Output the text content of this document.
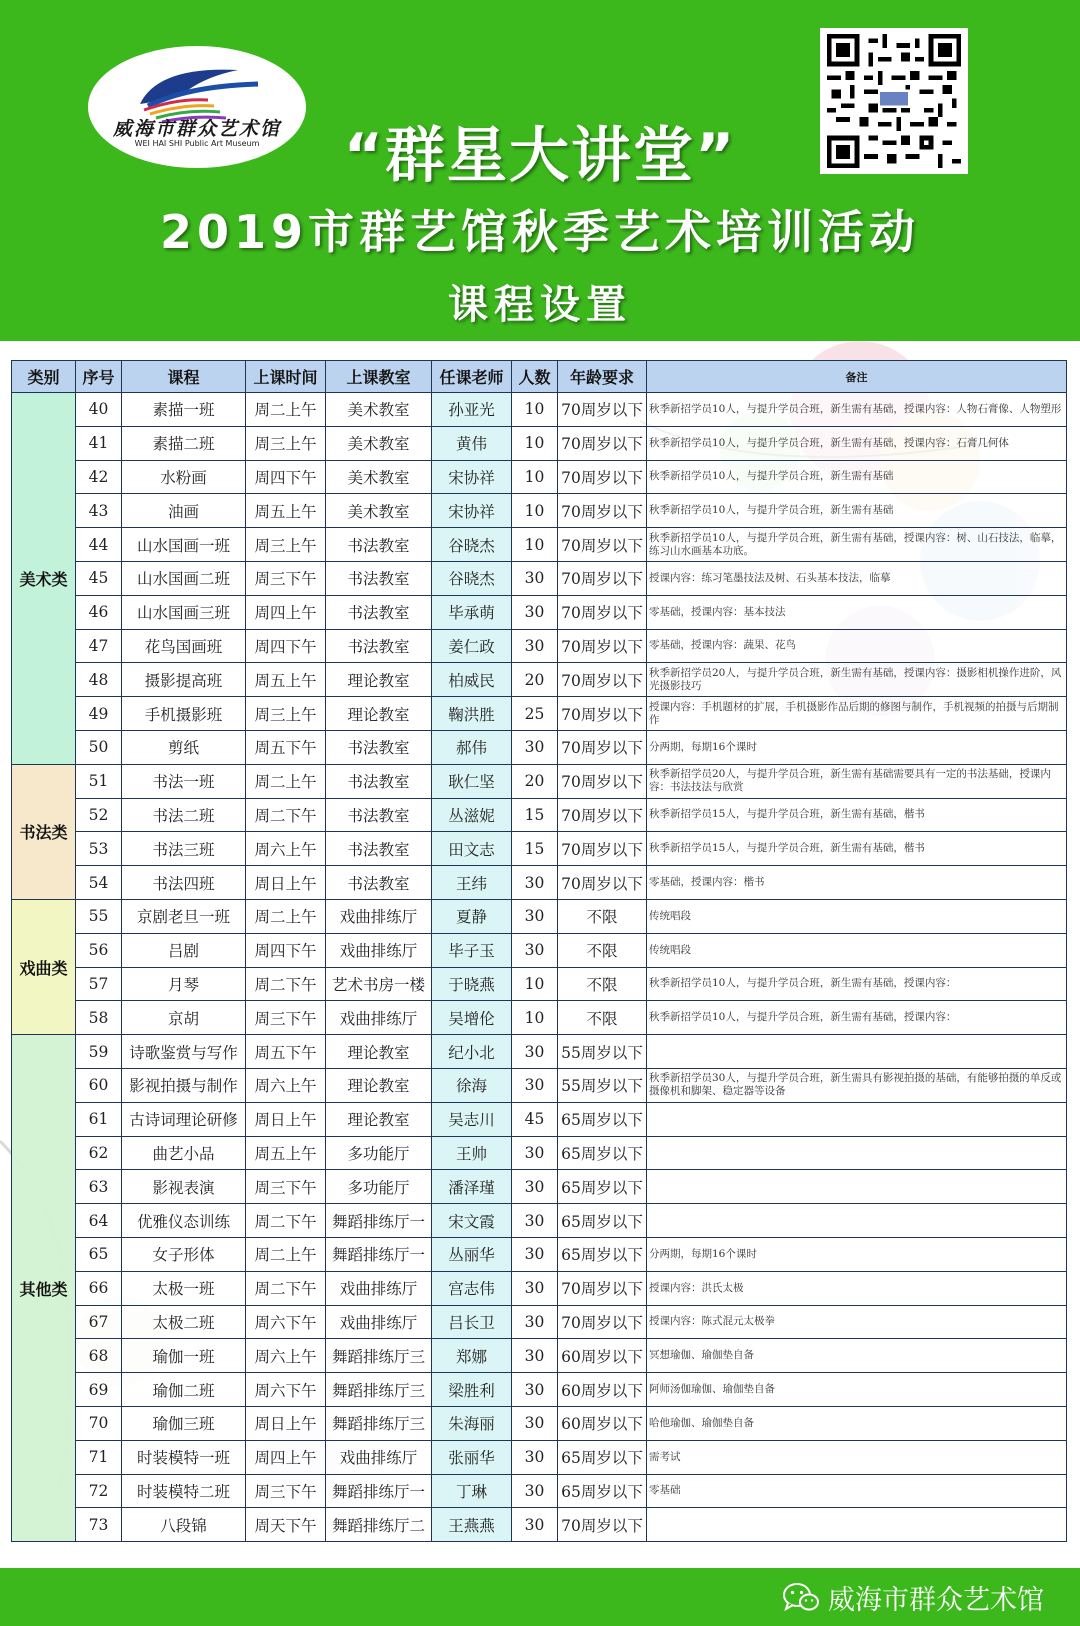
威海市群众艺术馆
WEI HAI SHI Public Art Museum	“群星大讲堂”
2019市群艺馆秋季艺术培训活动
课程设置
类别	序号	课程	上课时间	上课教室	任课老师	人数	年龄要求	备注
美术类	40	素描一班	周二上午	美术教室	孙亚光	10	70周岁以下	秋季新招学员10人，与提升学员合班，新生需有基础，授课内容：人物石膏像、人物塑形
	41	素描二班	周三上午	美术教室	黄伟	10	70周岁以下	秋季新招学员10人，与提升学员合班，新生需有基础，授课内容：石膏几何体
	42	水粉画	周四下午	美术教室	宋协祥	10	70周岁以下	秋季新招学员10人，与提升学员合班，新生需有基础
	43	油画	周五上午	美术教室	宋协祥	10	70周岁以下	秋季新招学员10人，与提升学员合班，新生需有基础
	44	山水国画一班	周三上午	书法教室	谷晓杰	10	70周岁以下	秋季新招学员10人，与提升学员合班，新生需有基础，授课内容：树、山石技法，临摹，练习山水画基本功底。
	45	山水国画二班	周三下午	书法教室	谷晓杰	30	70周岁以下	授课内容：练习笔墨技法及树、石头基本技法，临摹
	46	山水国画三班	周四上午	书法教室	毕承萌	30	70周岁以下	零基础，授课内容：基本技法
	47	花鸟国画班	周四下午	书法教室	姜仁政	30	70周岁以下	零基础，授课内容：蔬果、花鸟
	48	摄影提高班	周五上午	理论教室	柏威民	20	70周岁以下	秋季新招学员20人，与提升学员合班，新生需有基础，授课内容：摄影相机操作进阶，风光摄影技巧
	49	手机摄影班	周三上午	理论教室	鞠洪胜	25	70周岁以下	授课内容：手机题材的扩展，手机摄影作品后期的修图与制作，手机视频的拍摄与后期制作
	50	剪纸	周五下午	书法教室	郝伟	30	70周岁以下	分两期，每期16个课时
书法类	51	书法一班	周二上午	书法教室	耿仁坚	20	70周岁以下	秋季新招学员20人，与提升学员合班，新生需有基础需要具有一定的书法基础，授课内容：书法技法与欣赏
	52	书法二班	周二下午	书法教室	丛滋妮	15	70周岁以下	秋季新招学员15人，与提升学员合班，新生需有基础，楷书
	53	书法三班	周六上午	书法教室	田文志	15	70周岁以下	秋季新招学员15人，与提升学员合班，新生需有基础，楷书
	54	书法四班	周日上午	书法教室	王纬	30	70周岁以下	零基础，授课内容：楷书
戏曲类	55	京剧老旦一班	周二上午	戏曲排练厅	夏静	30	不限	传统唱段
	56	吕剧	周四下午	戏曲排练厅	毕子玉	30	不限	传统唱段
	57	月琴	周二下午	艺术书房一楼	于晓燕	10	不限	秋季新招学员10人，与提升学员合班，新生需有基础，授课内容：
	58	京胡	周三下午	戏曲排练厅	吴增伦	10	不限	秋季新招学员10人，与提升学员合班，新生需有基础，授课内容：
其他类	59	诗歌鉴赏与写作	周五下午	理论教室	纪小北	30	55周岁以下	
	60	影视拍摄与制作	周六上午	理论教室	徐海	30	55周岁以下	秋季新招学员30人，与提升学员合班，新生需具有影视拍摄的基础，有能够拍摄的单反或摄像机和脚架、稳定器等设备
	61	古诗词理论研修	周日上午	理论教室	吴志川	45	65周岁以下	
	62	曲艺小品	周五上午	多功能厅	王帅	30	65周岁以下	
	63	影视表演	周三下午	多功能厅	潘泽瑾	30	65周岁以下	
	64	优雅仪态训练	周二下午	舞蹈排练厅一	宋文霞	30	65周岁以下	
	65	女子形体	周二上午	舞蹈排练厅一	丛丽华	30	65周岁以下	分两期，每期16个课时
	66	太极一班	周二下午	戏曲排练厅	宫志伟	30	70周岁以下	授课内容：洪氏太极
	67	太极二班	周六下午	戏曲排练厅	吕长卫	30	70周岁以下	授课内容：陈式混元太极拳
	68	瑜伽一班	周六上午	舞蹈排练厅三	郑娜	30	60周岁以下	冥想瑜伽、瑜伽垫自备
	69	瑜伽二班	周六下午	舞蹈排练厅三	梁胜利	30	60周岁以下	阿师汤伽瑜伽、瑜伽垫自备
	70	瑜伽三班	周日上午	舞蹈排练厅三	朱海丽	30	60周岁以下	哈他瑜伽、瑜伽垫自备
	71	时装模特一班	周四上午	戏曲排练厅	张丽华	30	65周岁以下	需考试
	72	时装模特二班	周三下午	舞蹈排练厅一	丁琳	30	65周岁以下	零基础
	73	八段锦	周天下午	舞蹈排练厅二	王燕燕	30	70周岁以下	
威海市群众艺术馆
